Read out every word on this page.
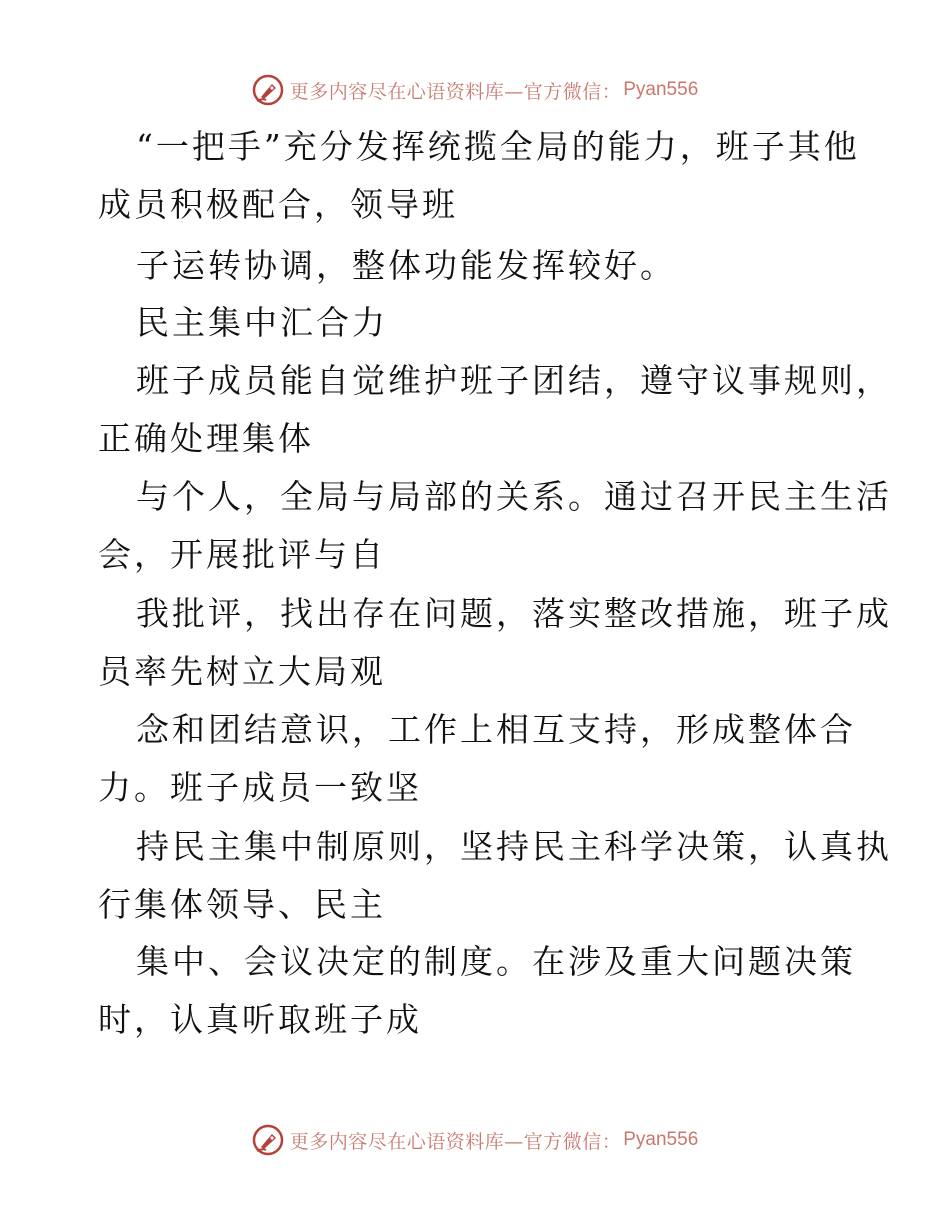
更多内容尽在心语资料库—官方微信： Pyan556
“一把手”充分发挥统揽全局的能力，班子其他
成员积极配合，领导班
子运转协调，整体功能发挥较好。
民主集中汇合力
班子成员能自觉维护班子团结，遵守议事规则，
正确处理集体
与个人，全局与局部的关系。通过召开民主生活
会，开展批评与自
我批评，找出存在问题，落实整改措施，班子成
员率先树立大局观
念和团结意识，工作上相互支持，形成整体合
力。班子成员一致坚
持民主集中制原则，坚持民主科学决策，认真执
行集体领导、民主
集中、会议决定的制度。在涉及重大问题决策
时，认真听取班子成
更多内容尽在心语资料库—官方微信： Pyan556
